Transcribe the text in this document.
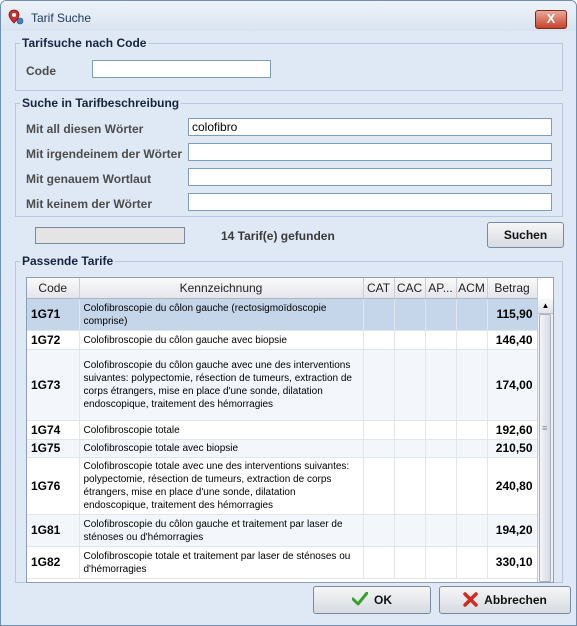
Tarif Suche	X
Tarifsuche nach Code
Code
Suche in Tarifbeschreibung
Mit all diesen Wörter
colofibro
Mit irgendeinem der Wörter
Mit genauem Wortlaut
Mit keinem der Wörter
14 Tarif(e) gefunden	Suchen
Passende Tarife
Code	Kennzeichnung	CAT	CAC	AP...	ACM	Betrag
1G71	Colofibroscopie du côlon gauche (rectosigmoïdoscopie comprise)					115,90
1G72	Colofibroscopie du côlon gauche avec biopsie					146,40
1G73	Colofibroscopie du côlon gauche avec une des interventions suivantes: polypectomie, résection de tumeurs, extraction de corps étrangers, mise en place d'une sonde, dilatation endoscopique, traitement des hémorragies					174,00
1G74	Colofibroscopie totale					192,60
1G75	Colofibroscopie totale avec biopsie					210,50
1G76	Colofibroscopie totale avec une des interventions suivantes: polypectomie, résection de tumeurs, extraction de corps étrangers, mise en place d'une sonde, dilatation endoscopique, traitement des hémorragies					240,80
1G81	Colofibroscopie du côlon gauche et traitement par laser de sténoses ou d'hémorragies					194,20
1G82	Colofibroscopie totale et traitement par laser de sténoses ou d'hémorragies					330,10
▲
≡
OK	Abbrechen
